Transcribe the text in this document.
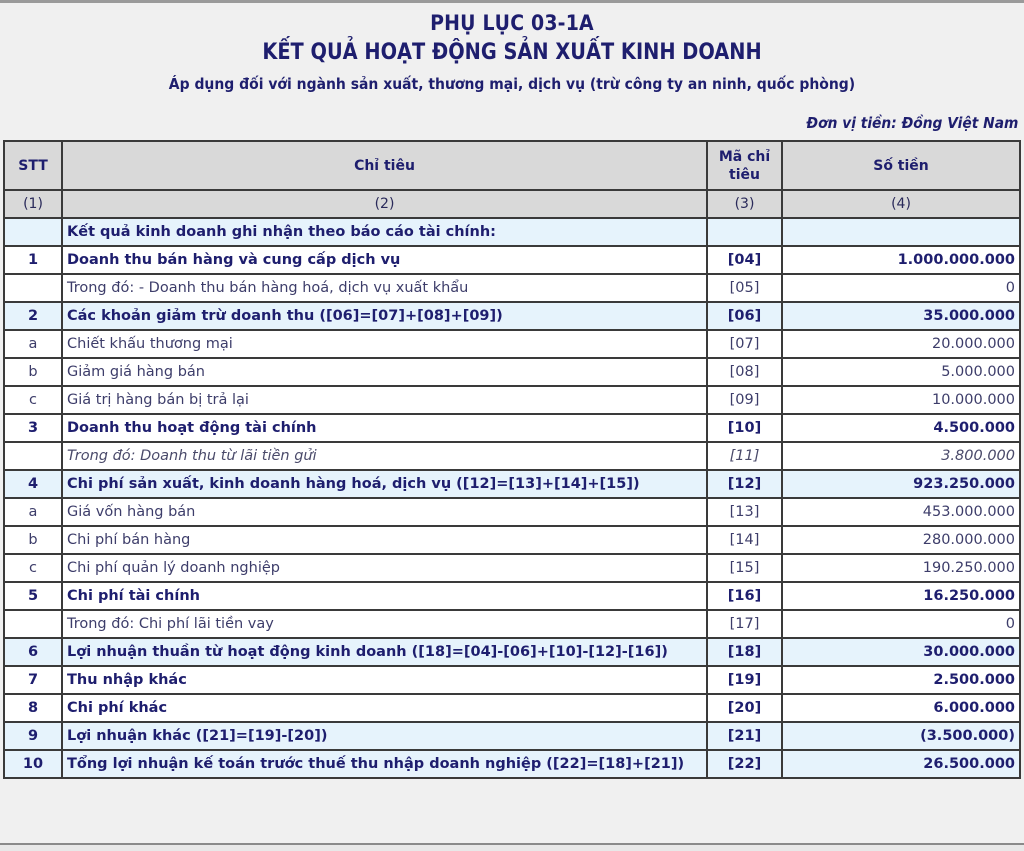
PHỤ LỤC 03-1A
KẾT QUẢ HOẠT ĐỘNG SẢN XUẤT KINH DOANH
Áp dụng đối với ngành sản xuất, thương mại, dịch vụ (trừ công ty an ninh, quốc phòng)
Đơn vị tiền: Đồng Việt Nam
STT	Chỉ tiêu	Mã chỉ tiêu	Số tiền
(1)	(2)	(3)	(4)
	Kết quả kinh doanh ghi nhận theo báo cáo tài chính:		
1	Doanh thu bán hàng và cung cấp dịch vụ	[04]	1.000.000.000
	Trong đó: - Doanh thu bán hàng hoá, dịch vụ xuất khẩu	[05]	0
2	Các khoản giảm trừ doanh thu ([06]=[07]+[08]+[09])	[06]	35.000.000
a	Chiết khấu thương mại	[07]	20.000.000
b	Giảm giá hàng bán	[08]	5.000.000
c	Giá trị hàng bán bị trả lại	[09]	10.000.000
3	Doanh thu hoạt động tài chính	[10]	4.500.000
	Trong đó: Doanh thu từ lãi tiền gửi	[11]	3.800.000
4	Chi phí sản xuất, kinh doanh hàng hoá, dịch vụ ([12]=[13]+[14]+[15])	[12]	923.250.000
a	Giá vốn hàng bán	[13]	453.000.000
b	Chi phí bán hàng	[14]	280.000.000
c	Chi phí quản lý doanh nghiệp	[15]	190.250.000
5	Chi phí tài chính	[16]	16.250.000
	Trong đó: Chi phí lãi tiền vay	[17]	0
6	Lợi nhuận thuần từ hoạt động kinh doanh ([18]=[04]-[06]+[10]-[12]-[16])	[18]	30.000.000
7	Thu nhập khác	[19]	2.500.000
8	Chi phí khác	[20]	6.000.000
9	Lợi nhuận khác ([21]=[19]-[20])	[21]	(3.500.000)
10	Tổng lợi nhuận kế toán trước thuế thu nhập doanh nghiệp ([22]=[18]+[21])	[22]	26.500.000
